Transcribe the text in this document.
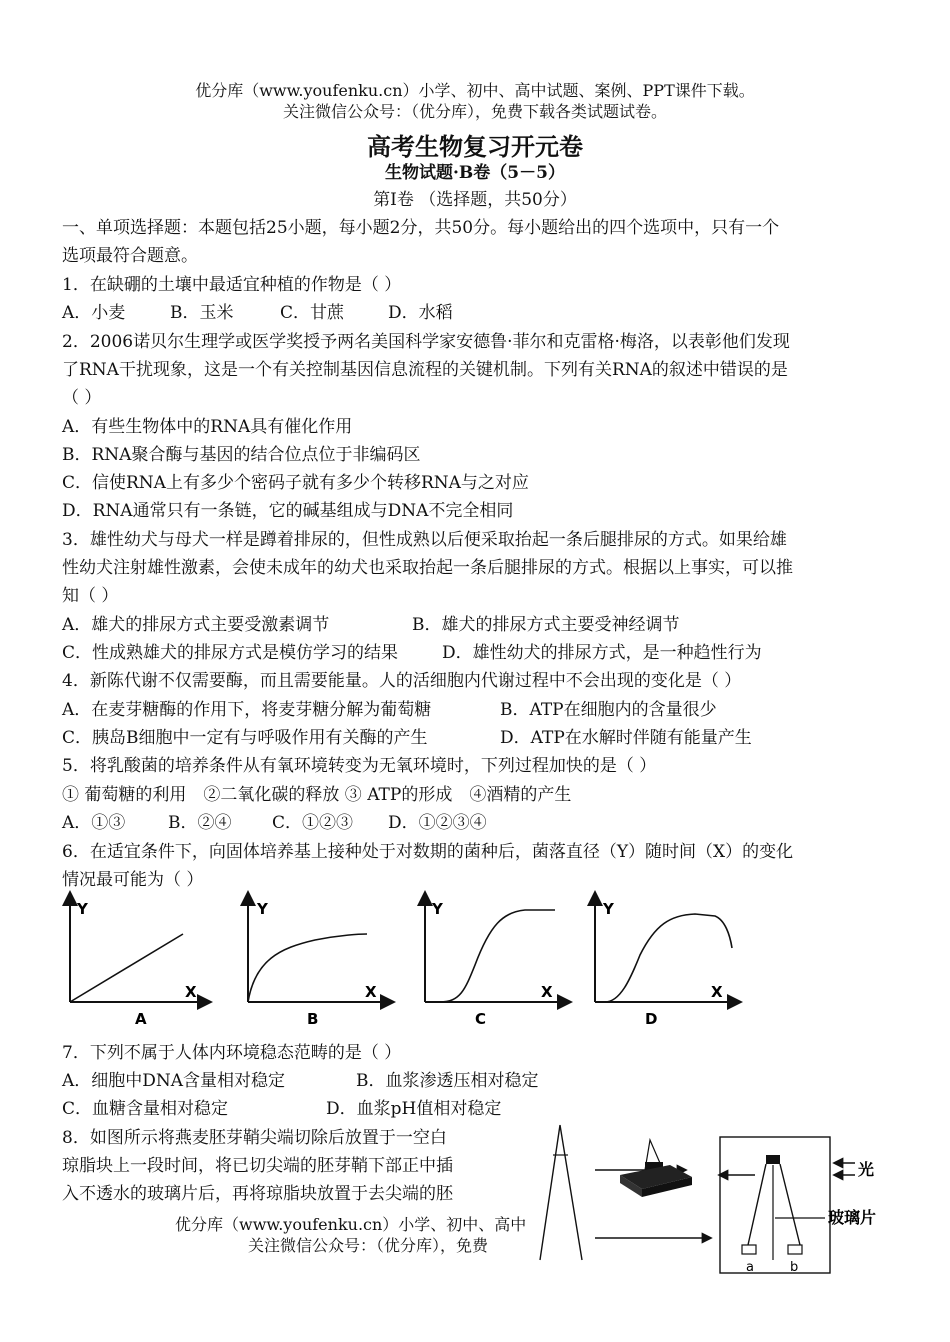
优分库（www.youfenku.cn）小学、初中、高中试题、案例、PPT课件下载。
关注微信公众号：（优分库），免费下载各类试题试卷。
高考生物复习开元卷
生物试题·B卷（5－5）
第Ⅰ卷 （选择题，共50分）
一、单项选择题：本题包括25小题，每小题2分，共50分。每小题给出的四个选项中，只有一个
选项最符合题意。
1．在缺硼的土壤中最适宜种植的作物是（ ）
A．小麦	B．玉米	C．甘蔗	D．水稻
2．2006诺贝尔生理学或医学奖授予两名美国科学家安德鲁·菲尔和克雷格·梅洛，以表彰他们发现
了RNA干扰现象，这是一个有关控制基因信息流程的关键机制。下列有关RNA的叙述中错误的是
（ ）
A．有些生物体中的RNA具有催化作用
B．RNA聚合酶与基因的结合位点位于非编码区
C．信使RNA上有多少个密码子就有多少个转移RNA与之对应
D．RNA通常只有一条链，它的碱基组成与DNA不完全相同
3．雄性幼犬与母犬一样是蹲着排尿的，但性成熟以后便采取抬起一条后腿排尿的方式。如果给雄
性幼犬注射雄性激素，会使未成年的幼犬也采取抬起一条后腿排尿的方式。根据以上事实，可以推
知（ ）
A．雄犬的排尿方式主要受激素调节	B．雄犬的排尿方式主要受神经调节
C．性成熟雄犬的排尿方式是模仿学习的结果	D．雄性幼犬的排尿方式，是一种趋性行为
4．新陈代谢不仅需要酶，而且需要能量。人的活细胞内代谢过程中不会出现的变化是（ ）
A．在麦芽糖酶的作用下，将麦芽糖分解为葡萄糖	B．ATP在细胞内的含量很少
C．胰岛B细胞中一定有与呼吸作用有关酶的产生	D．ATP在水解时伴随有能量产生
5．将乳酸菌的培养条件从有氧环境转变为无氧环境时，下列过程加快的是（ ）
① 葡萄糖的利用　②二氧化碳的释放 ③ ATP的形成　④酒精的产生
A．①③	B．②④ C．①②③ D．①②③④
6．在适宜条件下，向固体培养基上接种处于对数期的菌种后，菌落直径（Y）随时间（X）的变化
情况最可能为（ ）
Y
X
A
Y
X
B
Y
X
C
Y
X
D
7．下列不属于人体内环境稳态范畴的是（ ）
A．细胞中DNA含量相对稳定	B．血浆渗透压相对稳定
C．血糖含量相对稳定	D．血浆pH值相对稳定
8．如图所示将燕麦胚芽鞘尖端切除后放置于一空白
琼脂块上一段时间，将已切尖端的胚芽鞘下部正中插
入不透水的玻璃片后，再将琼脂块放置于去尖端的胚
a	b
光
玻璃片
优分库（www.youfenku.cn）小学、初中、高中
关注微信公众号：（优分库），免费
